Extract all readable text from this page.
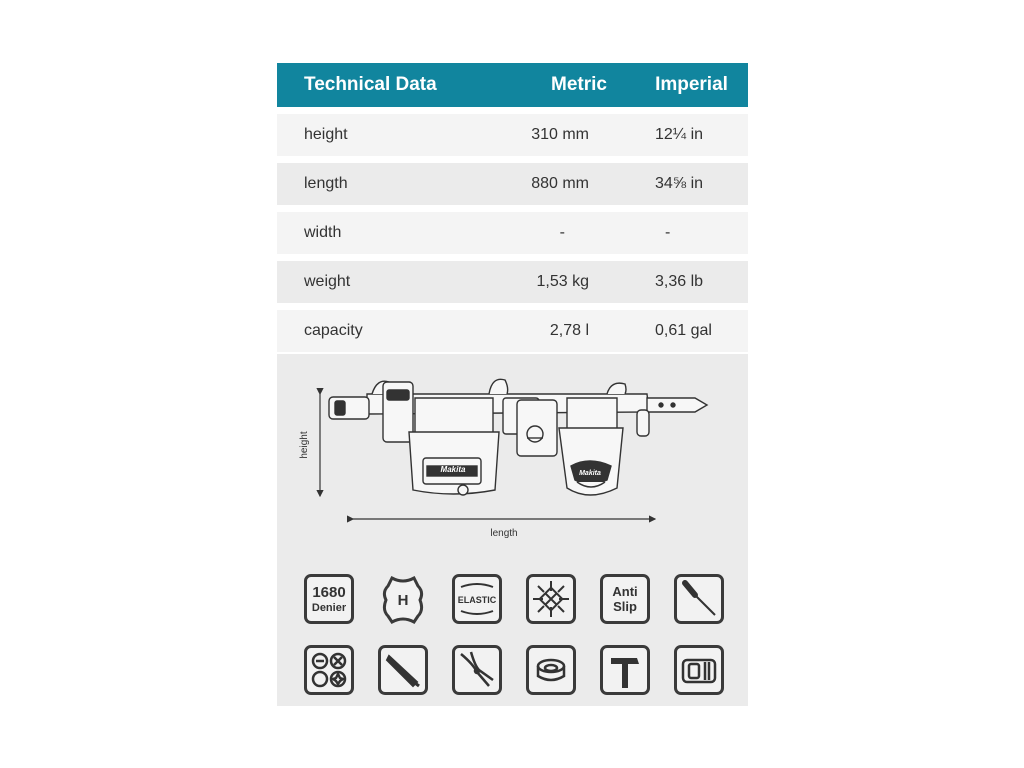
Technical Data	Metric	Imperial
height	310 mm	12¼ in
length	880 mm	34⅝ in
width	-	-
weight	1,53 kg	3,36 lb
capacity	2,78 l	0,61 gal
height
length
Makita	Makita
1680
Denier	H	ELASTIC
Anti
Slip
